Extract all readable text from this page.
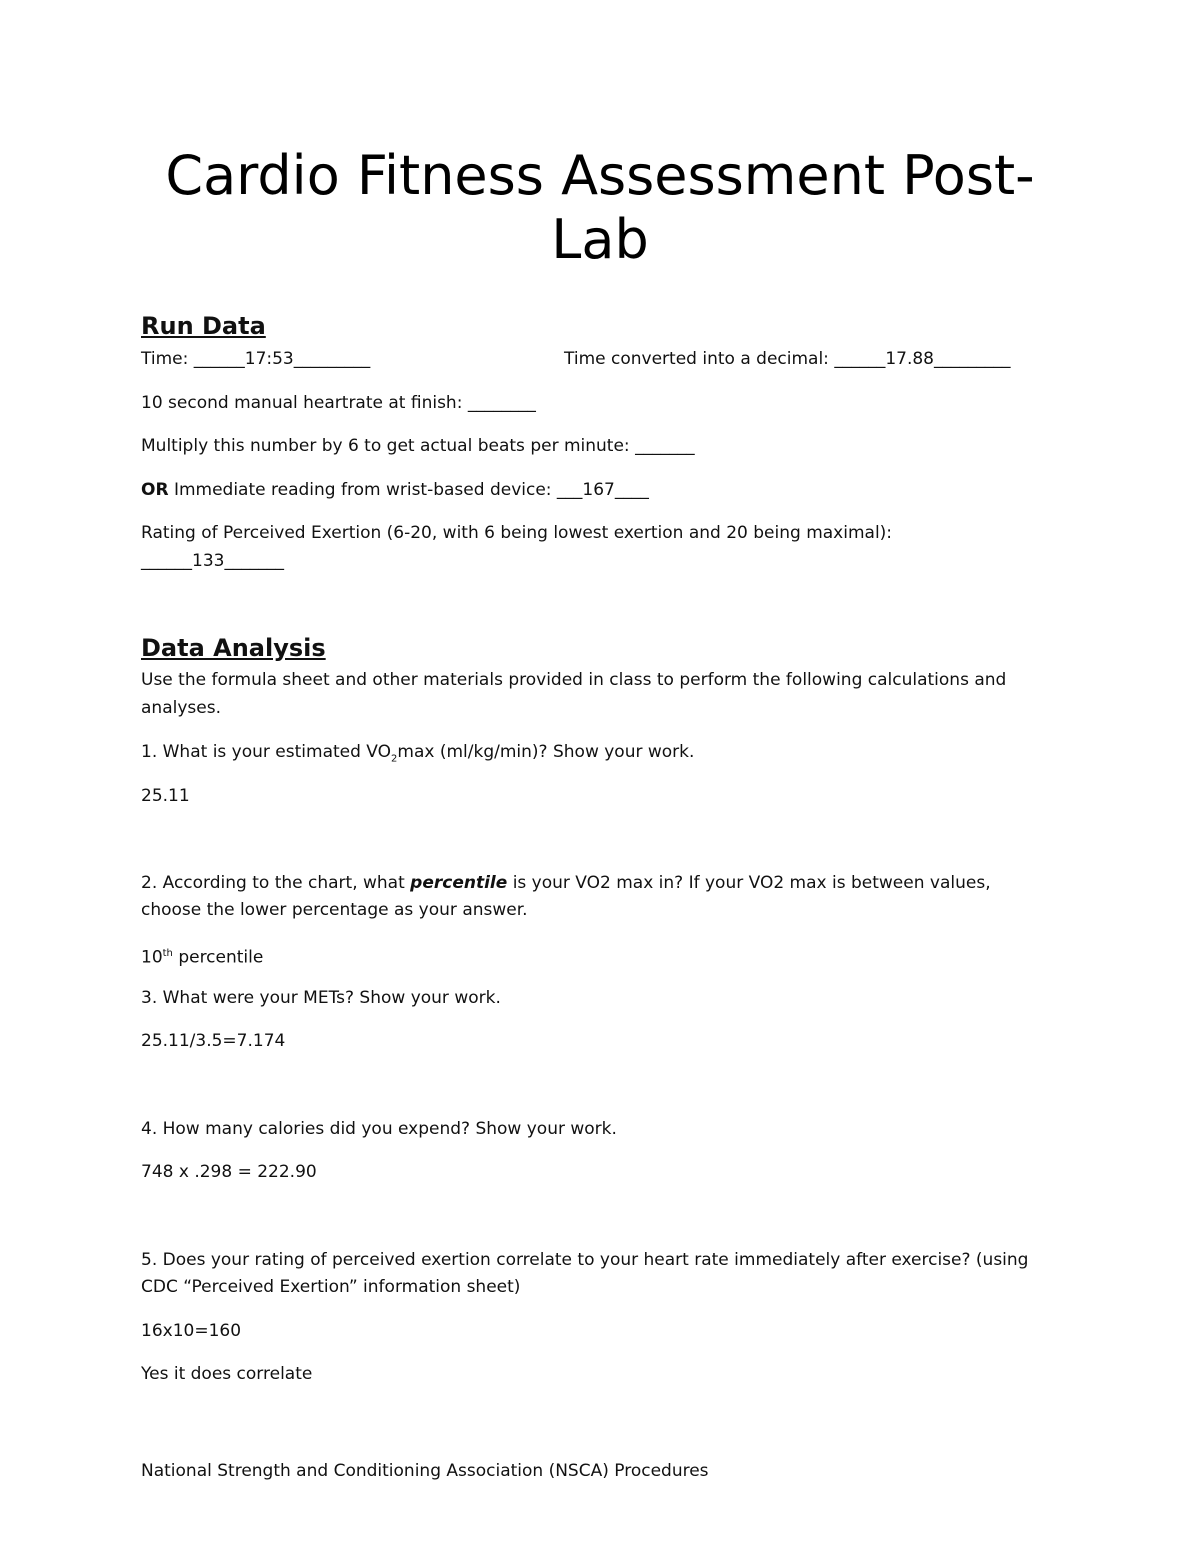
Cardio Fitness Assessment Post-
Lab
Run Data
Time: ______17:53_________	Time converted into a decimal: ______17.88_________
10 second manual heartrate at finish: ________
Multiply this number by 6 to get actual beats per minute: _______
OR Immediate reading from wrist-based device: ___167____
Rating of Perceived Exertion (6-20, with 6 being lowest exertion and 20 being maximal):
______133_______
Data Analysis
Use the formula sheet and other materials provided in class to perform the following calculations and
analyses.
1. What is your estimated $VO_2\max$ (ml/kg/min)? Show your work.
25.11
2. According to the chart, what percentile is your VO2 max in? If your VO2 max is between values,
choose the lower percentage as your answer.
10th percentile
3. What were your METs? Show your work.
25.11/3.5=7.174
4. How many calories did you expend? Show your work.
748 x .298 = 222.90
5. Does your rating of perceived exertion correlate to your heart rate immediately after exercise? (using
CDC “Perceived Exertion” information sheet)
16x10=160
Yes it does correlate
National Strength and Conditioning Association (NSCA) Procedures
